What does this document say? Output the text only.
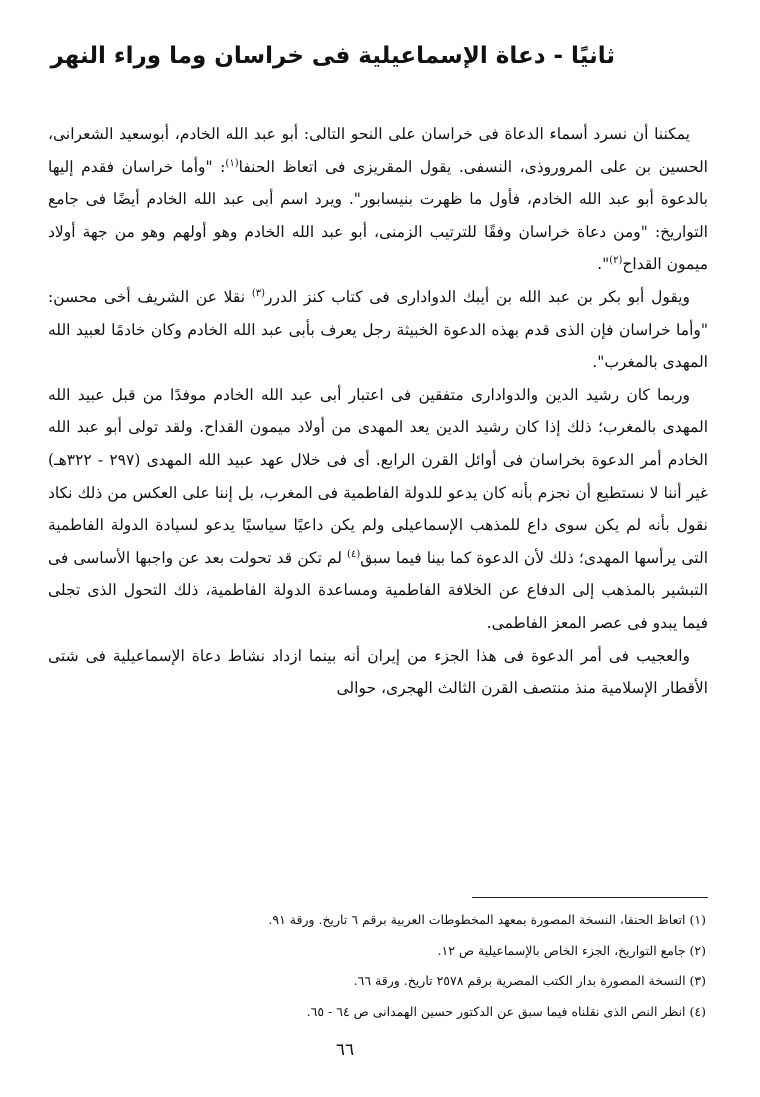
ثانيًا - دعاة الإسماعيلية فى خراسان وما وراء النهر

يمكننا أن نسرد أسماء الدعاة فى خراسان على النحو التالى: أبو عبد الله الخادم، أبوسعيد الشعرانى، الحسين بن على المروروذى، النسفى. يقول المقريزى فى اتعاظ الحنفا$^{(١)}$: "وأما خراسان فقدم إليها بالدعوة أبو عبد الله الخادم، فأول ما ظهرت بنيسابور". ويرد اسم أبى عبد الله الخادم أيضًا فى جامع التواريخ: "ومن دعاة خراسان وفقًا للترتيب الزمنى، أبو عبد الله الخادم وهو أولهم وهو من جهة أولاد ميمون القداح$^{(٢)}$".

ويقول أبو بكر بن عبد الله بن أيبك الدوادارى فى كتاب كنز الدرر$^{(٣)}$ نقلا عن الشريف أخى محسن: "وأما خراسان فإن الذى قدم بهذه الدعوة الخبيثة رجل يعرف بأبى عبد الله الخادم وكان خادمًا لعبيد الله المهدى بالمغرب".

وربما كان رشيد الدين والدوادارى متفقين فى اعتبار أبى عبد الله الخادم موفدًا من قبل عبيد الله المهدى بالمغرب؛ ذلك إذا كان رشيد الدين يعد المهدى من أولاد ميمون القداح. ولقد تولى أبو عبد الله الخادم أمر الدعوة بخراسان فى أوائل القرن الرابع. أى فى خلال عهد عبيد الله المهدى (٢٩٧ - ٣٢٢هـ) غير أننا لا نستطيع أن نجزم بأنه كان يدعو للدولة الفاطمية فى المغرب، بل إننا على العكس من ذلك نكاد نقول بأنه لم يكن سوى داع للمذهب الإسماعيلى ولم يكن داعيًا سياسيًا يدعو لسيادة الدولة الفاطمية التى يرأسها المهدى؛ ذلك لأن الدعوة كما بينا فيما سبق$^{(٤)}$ لم تكن قد تحولت بعد عن واجبها الأساسى فى التبشير بالمذهب إلى الدفاع عن الخلافة الفاطمية ومساعدة الدولة الفاطمية، ذلك التحول الذى تجلى فيما يبدو فى عصر المعز الفاطمى.

والعجيب فى أمر الدعوة فى هذا الجزء من إيران أنه بينما ازداد نشاط دعاة الإسماعيلية فى شتى الأقطار الإسلامية منذ منتصف القرن الثالث الهجرى، حوالى

(١) اتعاظ الحنفا، النسخة المصورة بمعهد المخطوطات العربية برقم ٦ تاريخ. ورقة ٩١.

(٢) جامع التواريخ، الجزء الخاص بالإسماعيلية ص ١٢.

(٣) النسخة المصورة بدار الكتب المصرية برقم ٢٥٧٨ تاريخ. ورقة ٦٦.

(٤) انظر النص الذى نقلناه فيما سبق عن الدكتور حسين الهمدانى ص ٦٤ - ٦٥.

٦٦
